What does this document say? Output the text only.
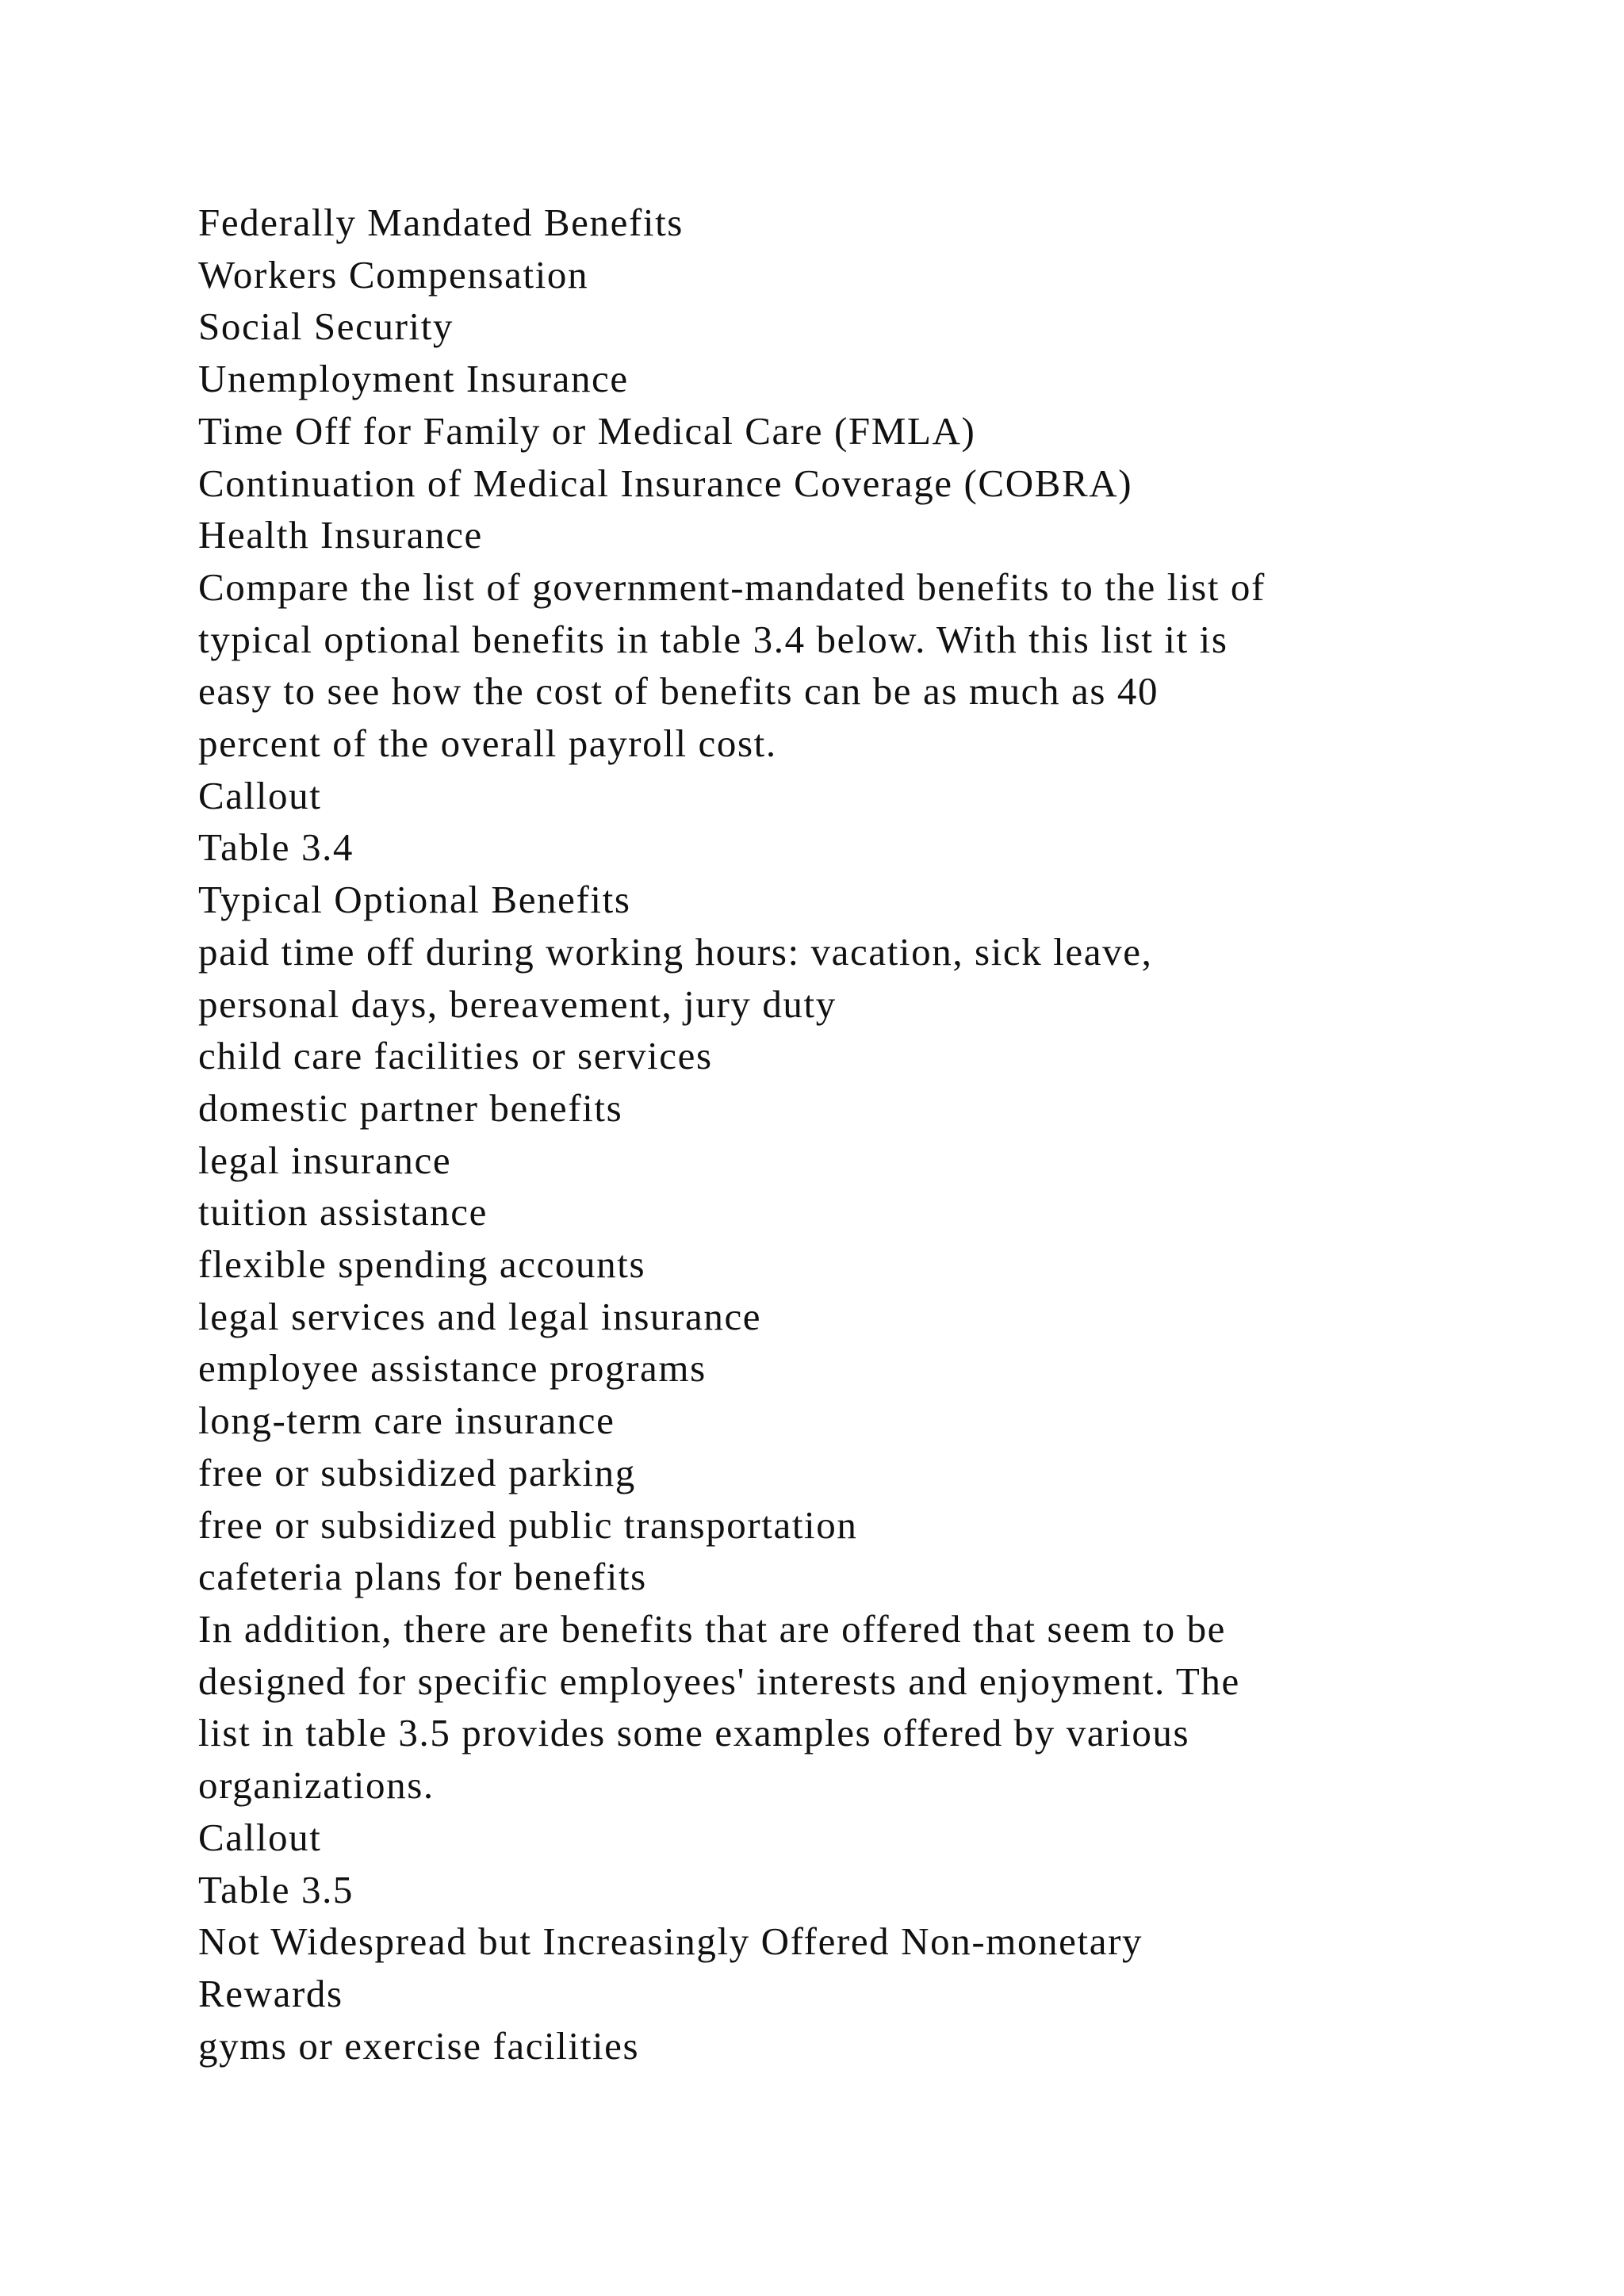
Federally Mandated Benefits
Workers Compensation
Social Security
Unemployment Insurance
Time Off for Family or Medical Care (FMLA)
Continuation of Medical Insurance Coverage (COBRA)
Health Insurance
Compare the list of government-mandated benefits to the list of
typical optional benefits in table 3.4 below. With this list it is
easy to see how the cost of benefits can be as much as 40
percent of the overall payroll cost.
Callout
Table 3.4
Typical Optional Benefits
paid time off during working hours: vacation, sick leave,
personal days, bereavement, jury duty
child care facilities or services
domestic partner benefits
legal insurance
tuition assistance
flexible spending accounts
legal services and legal insurance
employee assistance programs
long-term care insurance
free or subsidized parking
free or subsidized public transportation
cafeteria plans for benefits
In addition, there are benefits that are offered that seem to be
designed for specific employees' interests and enjoyment. The
list in table 3.5 provides some examples offered by various
organizations.
Callout
Table 3.5
Not Widespread but Increasingly Offered Non-monetary
Rewards
gyms or exercise facilities
